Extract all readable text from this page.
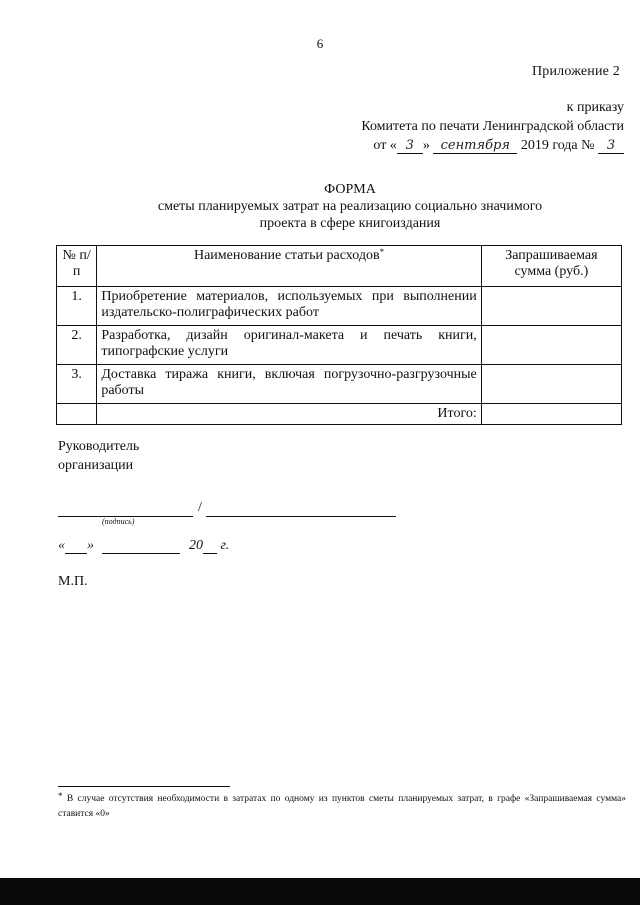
6
Приложение 2
к приказу
Комитета по печати Ленинградской области
от « 3 » сентября 2019 года № 3
ФОРМА
сметы планируемых затрат на реализацию социально значимого
проекта в сфере книгоиздания
№ п/п	Наименование статьи расходов*	Запрашиваемая сумма (руб.)
1.	Приобретение материалов, используемых при выполнении издательско-полиграфических работ	
2.	Разработка, дизайн оригинал-макета и печать книги, типографские услуги	
3.	Доставка тиража книги, включая погрузочно-разгрузочные работы	
	Итого:	
Руководитель
организации
/
(подпись)
« »	20 г.
М.П.
* В случае отсутствия необходимости в затратах по одному из пунктов сметы планируемых затрат, в графе «Запрашиваемая сумма» ставится «0»
